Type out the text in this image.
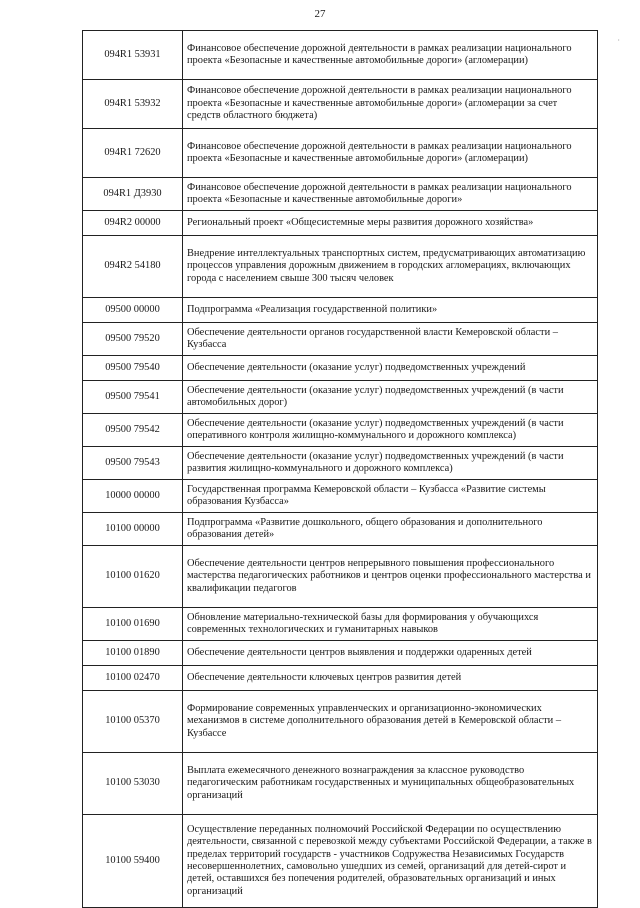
27
·
094R1 53931	Финансовое обеспечение дорожной деятельности в рамках реализации национального проекта «Безопасные и качественные автомобильные дороги» (агломерации)
094R1 53932	Финансовое обеспечение дорожной деятельности в рамках реализации национального проекта «Безопасные и качественные автомобильные дороги» (агломерации за счет средств областного бюджета)
094R1 72620	Финансовое обеспечение дорожной деятельности в рамках реализации национального проекта «Безопасные и качественные автомобильные дороги» (агломерации)
094R1 Д3930	Финансовое обеспечение дорожной деятельности в рамках реализации национального проекта «Безопасные и качественные автомобильные дороги»
094R2 00000	Региональный проект «Общесистемные меры развития дорожного хозяйства»
094R2 54180	Внедрение интеллектуальных транспортных систем, предусматривающих автоматизацию процессов управления дорожным движением в городских агломерациях, включающих города с населением свыше 300 тысяч человек
09500 00000	Подпрограмма «Реализация государственной политики»
09500 79520	Обеспечение деятельности органов государственной власти Кемеровской области – Кузбасса
09500 79540	Обеспечение деятельности (оказание услуг) подведомственных учреждений
09500 79541	Обеспечение деятельности (оказание услуг) подведомственных учреждений (в части автомобильных дорог)
09500 79542	Обеспечение деятельности (оказание услуг) подведомственных учреждений (в части оперативного контроля жилищно-коммунального и дорожного комплекса)
09500 79543	Обеспечение деятельности (оказание услуг) подведомственных учреждений (в части развития жилищно-коммунального и дорожного комплекса)
10000 00000	Государственная программа Кемеровской области – Кузбасса «Развитие системы образования Кузбасса»
10100 00000	Подпрограмма «Развитие дошкольного, общего образования и дополнительного образования детей»
10100 01620	Обеспечение деятельности центров непрерывного повышения профессионального мастерства педагогических работников и центров оценки профессионального мастерства и квалификации педагогов
10100 01690	Обновление материально-технической базы для формирования у обучающихся современных технологических и гуманитарных навыков
10100 01890	Обеспечение деятельности центров выявления и поддержки одаренных детей
10100 02470	Обеспечение деятельности ключевых центров развития детей
10100 05370	Формирование современных управленческих и организационно-экономических механизмов в системе дополнительного образования детей в Кемеровской области – Кузбассе
10100 53030	Выплата ежемесячного денежного вознаграждения за классное руководство педагогическим работникам государственных и муниципальных общеобразовательных организаций
10100 59400	Осуществление переданных полномочий Российской Федерации по осуществлению деятельности, связанной с перевозкой между субъектами Российской Федерации, а также в пределах территорий государств - участников Содружества Независимых Государств несовершеннолетних, самовольно ушедших из семей, организаций для детей-сирот и детей, оставшихся без попечения родителей, образовательных организаций и иных организаций
